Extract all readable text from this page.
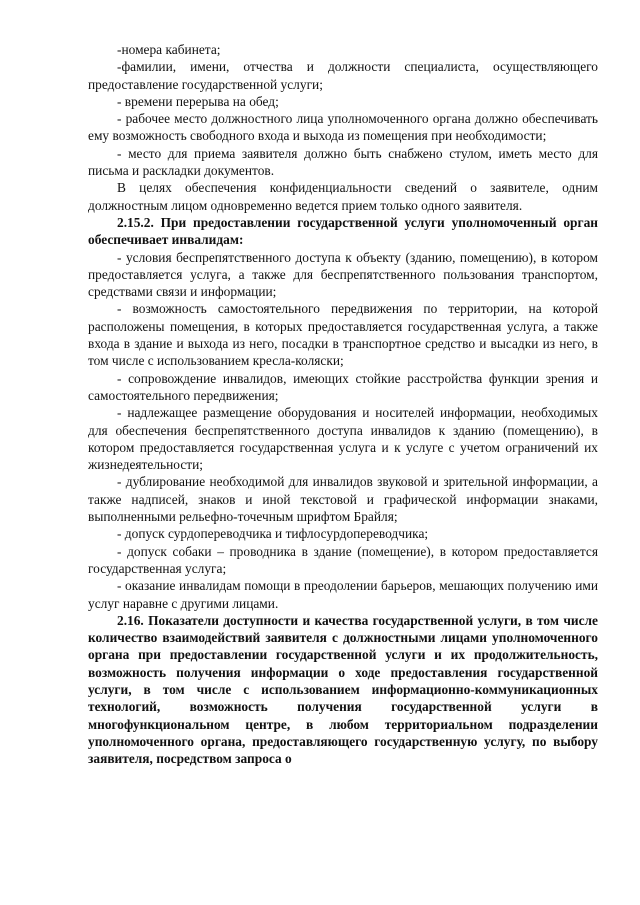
-номера кабинета;

-фамилии, имени, отчества и должности специалиста, осуществляющего предоставление государственной услуги;

- времени перерыва на обед;

- рабочее место должностного лица уполномоченного органа должно обеспечивать ему возможность свободного входа и выхода из помещения при необходимости;

- место для приема заявителя должно быть снабжено стулом, иметь место для письма и раскладки документов.

В целях обеспечения конфиденциальности сведений о заявителе, одним должностным лицом одновременно ведется прием только одного заявителя.

2.15.2. При предоставлении государственной услуги уполномоченный орган обеспечивает инвалидам:

- условия беспрепятственного доступа к объекту (зданию, помещению), в котором предоставляется услуга, а также для беспрепятственного пользования транспортом, средствами связи и информации;

- возможность самостоятельного передвижения по территории, на которой расположены помещения, в которых предоставляется государственная услуга, а также входа в здание и выхода из него, посадки в транспортное средство и высадки из него, в том числе с использованием кресла-коляски;

- сопровождение инвалидов, имеющих стойкие расстройства функции зрения и самостоятельного передвижения;

- надлежащее размещение оборудования и носителей информации, необходимых для обеспечения беспрепятственного доступа инвалидов к зданию (помещению), в котором предоставляется государственная услуга и к услуге с учетом ограничений их жизнедеятельности;

- дублирование необходимой для инвалидов звуковой и зрительной информации, а также надписей, знаков и иной текстовой и графической информации знаками, выполненными рельефно-точечным шрифтом Брайля;

- допуск сурдопереводчика и тифлосурдопереводчика;

- допуск собаки – проводника в здание (помещение), в котором предоставляется государственная услуга;

- оказание инвалидам помощи в преодолении барьеров, мешающих получению ими услуг наравне с другими лицами.

2.16. Показатели доступности и качества государственной услуги, в том числе количество взаимодействий заявителя с должностными лицами уполномоченного органа при предоставлении государственной услуги и их продолжительность, возможность получения информации о ходе предоставления государственной услуги, в том числе с использованием информационно-коммуникационных технологий, возможность получения государственной услуги в многофункциональном центре, в любом территориальном подразделении уполномоченного органа, предоставляющего государственную услугу, по выбору заявителя, посредством запроса о
